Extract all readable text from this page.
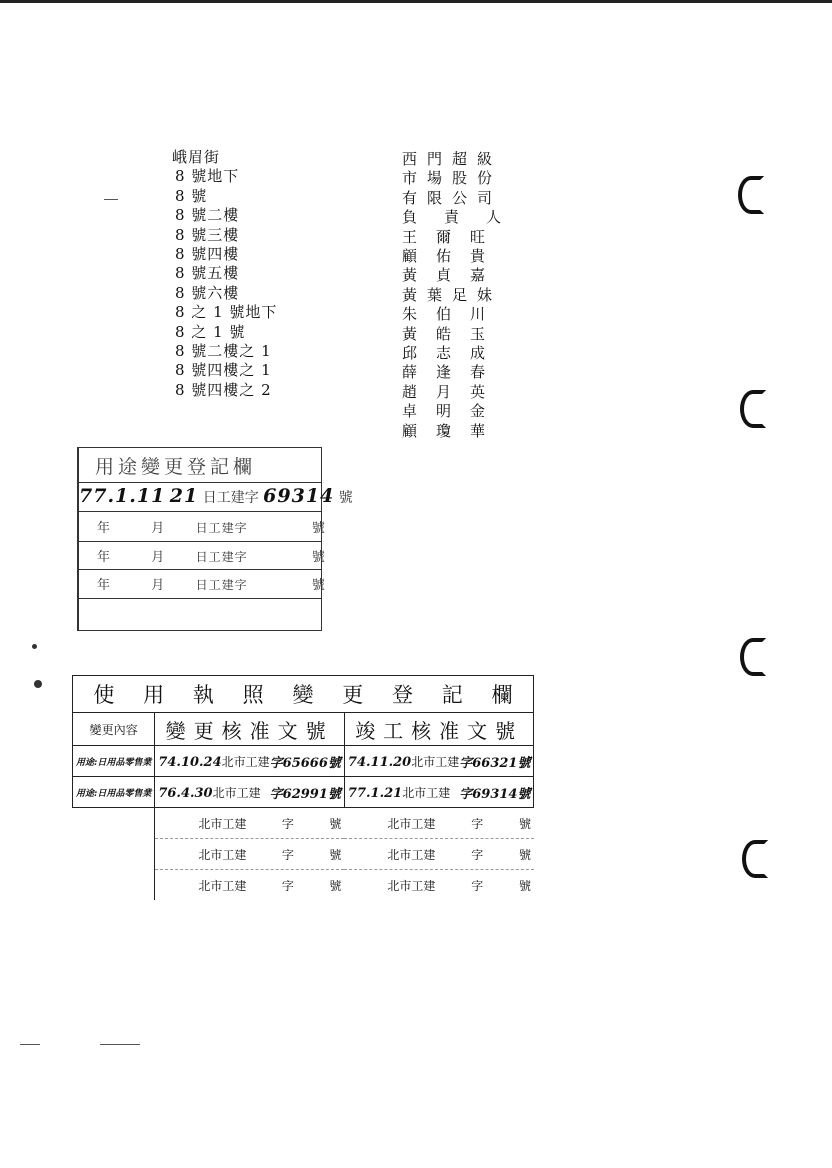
峨眉街
8 號地下
8 號
8 號二樓
8 號三樓
8 號四樓
8 號五樓
8 號六樓
8 之 1 號地下
8 之 1 號
8 號二樓之 1
8 號四樓之 1
8 號四樓之 2
西門超級
市場股份
有限公司
負責人
王爾旺
顧佑貴
黃貞嘉
黃葉足妹
朱伯川
黃皓玉
邱志成
薛逢春
趙月英
卓明金
顧瓊華
用途變更登記欄
77.1.11 21 日工建字 69314 號
年	月	日工建字	號
年	月	日工建字	號
年	月	日工建字	號
使 用 執 照 變 更 登 記 欄
變更內容	變更核准文號	竣工核准文號
用途:日用品零售業	74.10.24北市工建 字65666號	74.11.20北市工建 字66321號

用途:日用品零售業	76.4.30北市工建 字62991號	77.1.21北市工建 字69314號

	北市工建 字 號	北市工建 字 號

	北市工建 字 號	北市工建 字 號

	北市工建 字 號	北市工建 字 號
